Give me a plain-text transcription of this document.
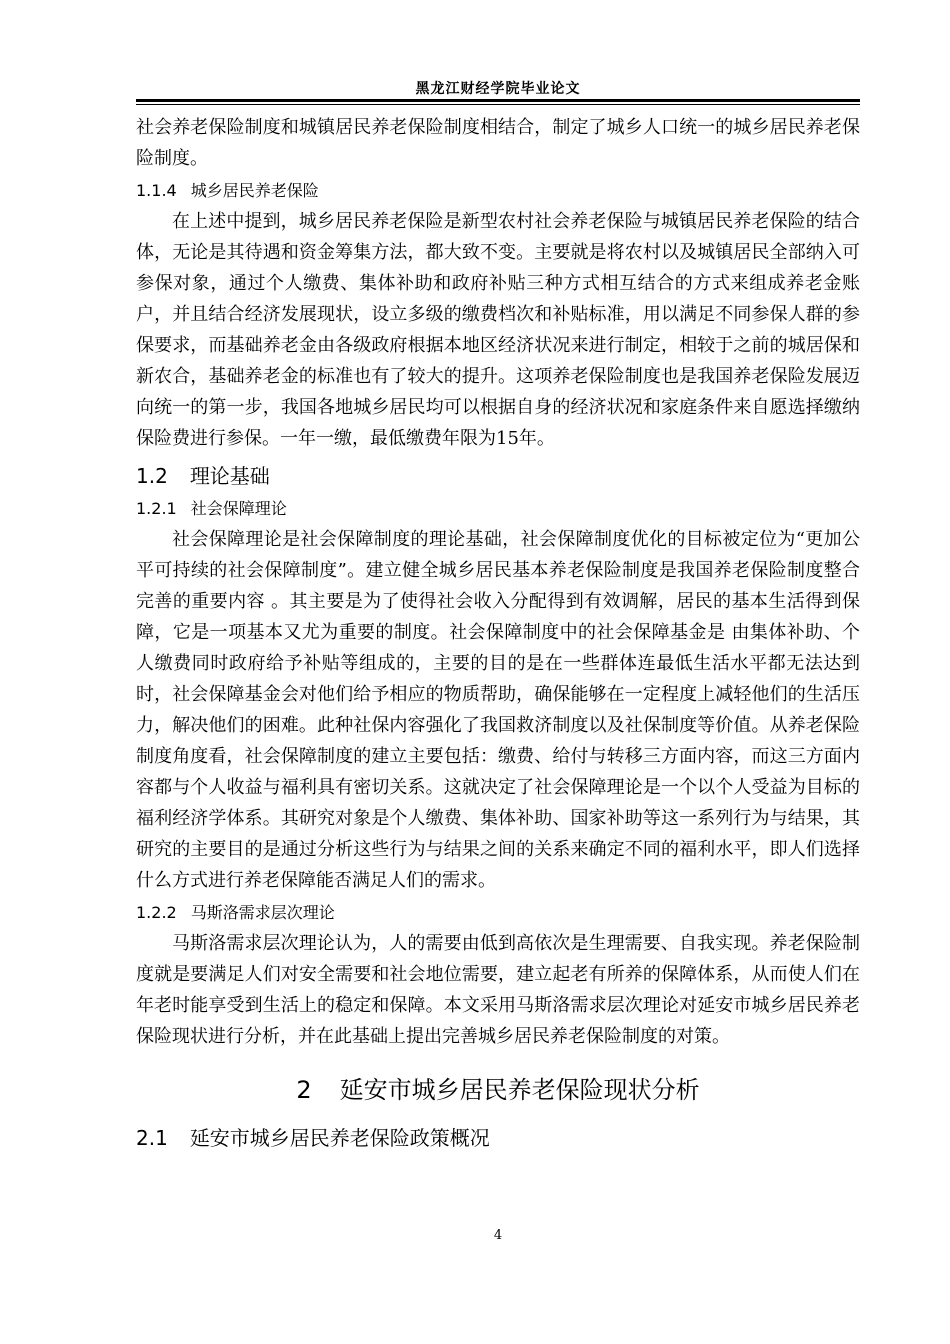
黑龙江财经学院毕业论文

社会养老保险制度和城镇居民养老保险制度相结合，制定了城乡人口统一的城乡居民养老保险制度。

1.1.4 城乡居民养老保险

在上述中提到，城乡居民养老保险是新型农村社会养老保险与城镇居民养老保险的结合体，无论是其待遇和资金筹集方法，都大致不变。主要就是将农村以及城镇居民全部纳入可参保对象，通过个人缴费、集体补助和政府补贴三种方式相互结合的方式来组成养老金账户，并且结合经济发展现状，设立多级的缴费档次和补贴标准，用以满足不同参保人群的参保要求，而基础养老金由各级政府根据本地区经济状况来进行制定，相较于之前的城居保和新农合，基础养老金的标准也有了较大的提升。这项养老保险制度也是我国养老保险发展迈向统一的第一步，我国各地城乡居民均可以根据自身的经济状况和家庭条件来自愿选择缴纳保险费进行参保。一年一缴，最低缴费年限为15年。

1.2 理论基础
1.2.1 社会保障理论

社会保障理论是社会保障制度的理论基础，社会保障制度优化的目标被定位为“更加公平可持续的社会保障制度”。建立健全城乡居民基本养老保险制度是我国养老保险制度整合完善的重要内容 。其主要是为了使得社会收入分配得到有效调解，居民的基本生活得到保障，它是一项基本又尤为重要的制度。社会保障制度中的社会保障基金是 由集体补助、个人缴费同时政府给予补贴等组成的，主要的目的是在一些群体连最低生活水平都无法达到时，社会保障基金会对他们给予相应的物质帮助，确保能够在一定程度上减轻他们的生活压力，解决他们的困难。此种社保内容强化了我国救济制度以及社保制度等价值。从养老保险制度角度看，社会保障制度的建立主要包括：缴费、给付与转移三方面内容，而这三方面内容都与个人收益与福利具有密切关系。这就决定了社会保障理论是一个以个人受益为目标的福利经济学体系。其研究对象是个人缴费、集体补助、国家补助等这一系列行为与结果，其研究的主要目的是通过分析这些行为与结果之间的关系来确定不同的福利水平，即人们选择什么方式进行养老保障能否满足人们的需求。

1.2.2 马斯洛需求层次理论

马斯洛需求层次理论认为，人的需要由低到高依次是生理需要、自我实现。养老保险制度就是要满足人们对安全需要和社会地位需要，建立起老有所养的保障体系，从而使人们在年老时能享受到生活上的稳定和保障。本文采用马斯洛需求层次理论对延安市城乡居民养老保险现状进行分析，并在此基础上提出完善城乡居民养老保险制度的对策。

2 延安市城乡居民养老保险现状分析
2.1 延安市城乡居民养老保险政策概况
4
